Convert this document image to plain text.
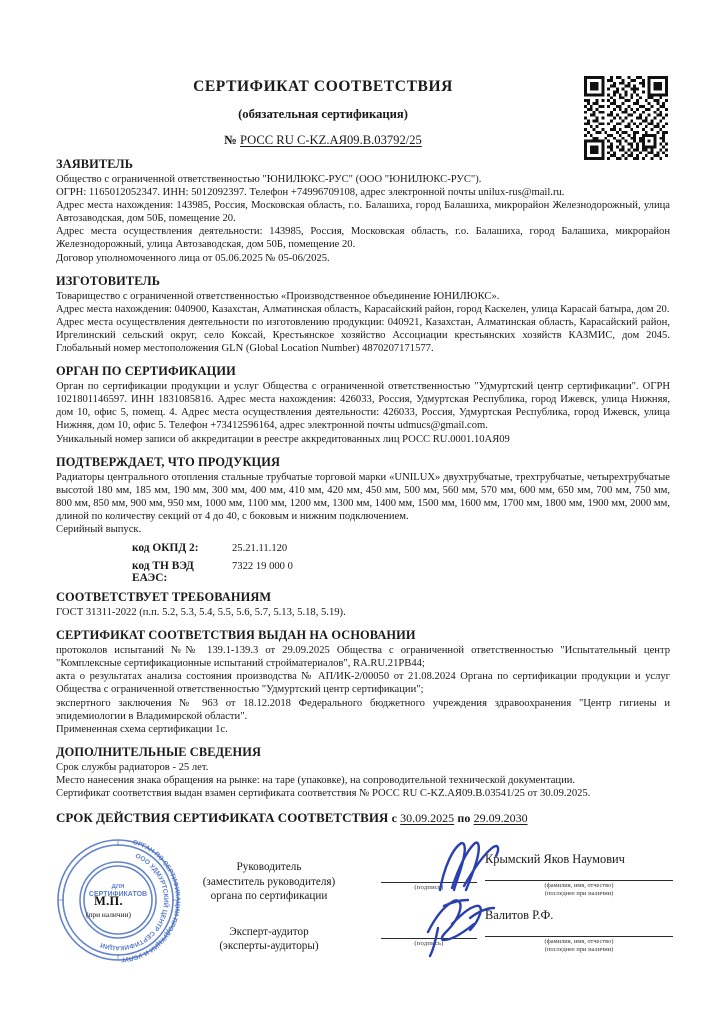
СЕРТИФИКАТ СООТВЕТСТВИЯ
(обязательная сертификация)
№ РОСС RU C-KZ.АЯ09.В.03792/25
ЗАЯВИТЕЛЬ

Общество с ограниченной ответственностью "ЮНИЛЮКС-РУС" (ООО "ЮНИЛЮКС-РУС").

ОГРН: 1165012052347. ИНН: 5012092397. Телефон +74996709108, адрес электронной почты unilux-rus@mail.ru.

Адрес места нахождения: 143985, Россия, Московская область, г.о. Балашиха, город Балашиха, микрорайон Железнодорожный, улица Автозаводская, дом 50Б, помещение 20.

Адрес места осуществления деятельности: 143985, Россия, Московская область, г.о. Балашиха, город Балашиха, микрорайон Железнодорожный, улица Автозаводская, дом 50Б, помещение 20.

Договор уполномоченного лица от 05.06.2025 № 05-06/2025.

ИЗГОТОВИТЕЛЬ

Товарищество с ограниченной ответственностью «Производственное объединение ЮНИЛЮКС».

Адрес места нахождения: 040900, Казахстан, Алматинская область, Карасайский район, город Каскелен, улица Карасай батыра, дом 20.

Адрес места осуществления деятельности по изготовлению продукции: 040921, Казахстан, Алматинская область, Карасайский район, Иргелинский сельский округ, село Коксай, Крестьянское хозяйство Ассоциации крестьянских хозяйств КАЗМИС, дом 2045. Глобальный номер местоположения GLN (Global Location Number) 4870207171577.

ОРГАН ПО СЕРТИФИКАЦИИ

Орган по сертификации продукции и услуг Общества с ограниченной ответственностью "Удмуртский центр сертификации". ОГРН 1021801146597. ИНН 1831085816. Адрес места нахождения: 426033, Россия, Удмуртская Республика, город Ижевск, улица Нижняя, дом 10, офис 5, помещ. 4. Адрес места осуществления деятельности: 426033, Россия, Удмуртская Республика, город Ижевск, улица Нижняя, дом 10, офис 5. Телефон +73412596164, адрес электронной почты udmucs@gmail.com.

Уникальный номер записи об аккредитации в реестре аккредитованных лиц РОСС RU.0001.10АЯ09

ПОДТВЕРЖДАЕТ, ЧТО ПРОДУКЦИЯ

Радиаторы центрального отопления стальные трубчатые торговой марки «UNILUX» двухтрубчатые, трехтрубчатые, четырехтрубчатые высотой 180 мм, 185 мм, 190 мм, 300 мм, 400 мм, 410 мм, 420 мм, 450 мм, 500 мм, 560 мм, 570 мм, 600 мм, 650 мм, 700 мм, 750 мм, 800 мм, 850 мм, 900 мм, 950 мм, 1000 мм, 1100 мм, 1200 мм, 1300 мм, 1400 мм, 1500 мм, 1600 мм, 1700 мм, 1800 мм, 1900 мм, 2000 мм, длиной по количеству секций от 4 до 40, с боковым и нижним подключением.

Серийный выпуск.

код ОКПД 2:	25.21.11.120
код ТН ВЭД ЕАЭС:
7322 19 000 0
СООТВЕТСТВУЕТ ТРЕБОВАНИЯМ

ГОСТ 31311-2022 (п.п. 5.2, 5.3, 5.4, 5.5, 5.6, 5.7, 5.13, 5.18, 5.19).

СЕРТИФИКАТ СООТВЕТСТВИЯ ВЫДАН НА ОСНОВАНИИ

протоколов испытаний №№ 139.1-139.3 от 29.09.2025 Общества с ограниченной ответственностью "Испытательный центр "Комплексные сертификационные испытаний стройматериалов", RA.RU.21РВ44;

акта о результатах анализа состояния производства № АП/ИК-2/00050 от 21.08.2024 Органа по сертификации продукции и услуг Общества с ограниченной ответственностью "Удмуртский центр сертификации";

экспертного заключения № 963 от 18.12.2018 Федерального бюджетного учреждения здравоохранения "Центр гигиены и эпидемиологии в Владимирской области".

Примененная схема сертификации 1с.

ДОПОЛНИТЕЛЬНЫЕ СВЕДЕНИЯ

Срок службы радиаторов - 25 лет.

Место нанесения знака обращения на рынке: на таре (упаковке), на сопроводительной технической документации.

Сертификат соответствия выдан взамен сертификата соответствия № РОСС RU C-KZ.АЯ09.В.03541/25 от 30.09.2025.

СРОК ДЕЙСТВИЯ СЕРТИФИКАТА СООТВЕТСТВИЯ с 30.09.2025 по 29.09.2030
ОРГАН ПО СЕРТИФИКАЦИИ ПРОДУКЦИИ И УСЛУГ
ООО УДМУРТСКИЙ ЦЕНТР СЕРТИФИКАЦИИ
ДЛЯ
СЕРТИФИКАТОВ
М.П.
(при наличии)
Руководитель
(заместитель руководителя)
органа по сертификации
Эксперт-аудитор
(эксперты-аудиторы)
(подпись)
Крымский Яков Наумович
(фамилия, имя, отчество)
(последнее при наличии)
(подпись)
Валитов Р.Ф.
(фамилия, имя, отчество)
(последнее при наличии)
